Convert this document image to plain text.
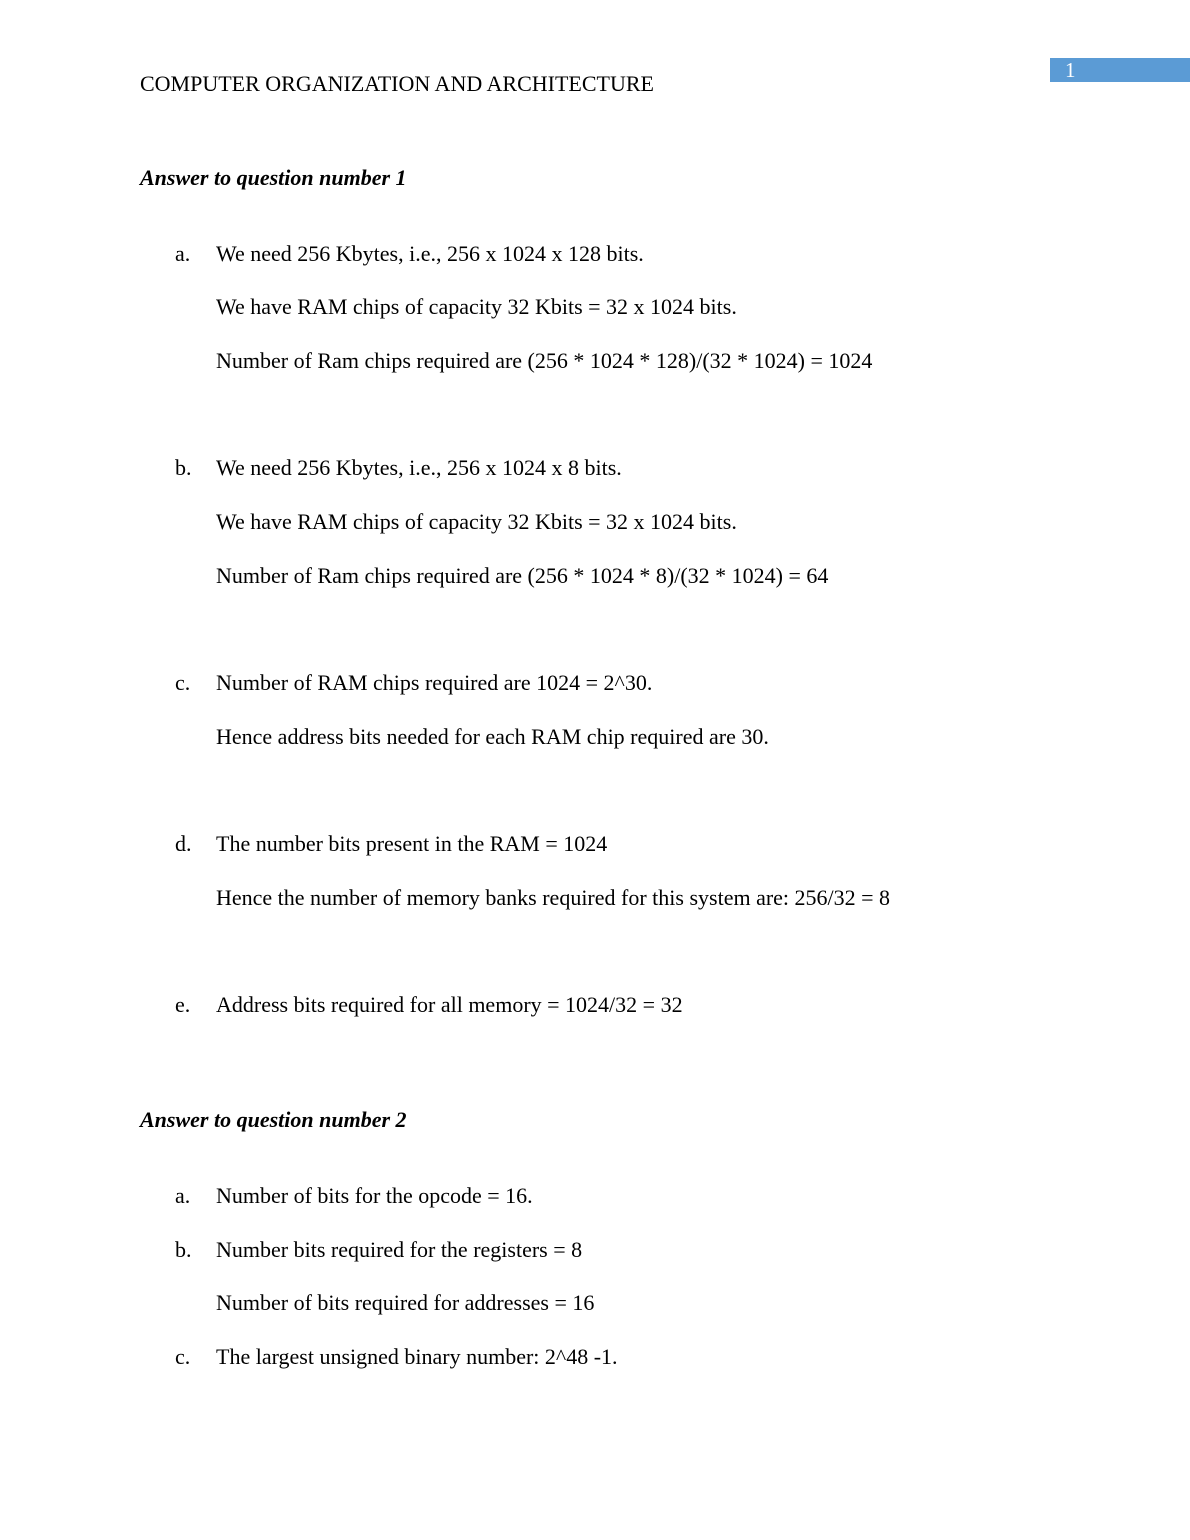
1
COMPUTER ORGANIZATION AND ARCHITECTURE
Answer to question number 1
a. We need 256 Kbytes, i.e., 256 x 1024 x 128 bits.
We have RAM chips of capacity 32 Kbits = 32 x 1024 bits.
Number of Ram chips required are (256 * 1024 * 128)/(32 * 1024) = 1024
b. We need 256 Kbytes, i.e., 256 x 1024 x 8 bits.
We have RAM chips of capacity 32 Kbits = 32 x 1024 bits.
Number of Ram chips required are (256 * 1024 * 8)/(32 * 1024) = 64
c. Number of RAM chips required are 1024 = 2^30.
Hence address bits needed for each RAM chip required are 30.
d. The number bits present in the RAM = 1024
Hence the number of memory banks required for this system are: 256/32 = 8
e. Address bits required for all memory = 1024/32 = 32
Answer to question number 2
a. Number of bits for the opcode = 16.
b. Number bits required for the registers = 8
Number of bits required for addresses = 16
c. The largest unsigned binary number: 2^48 -1.
